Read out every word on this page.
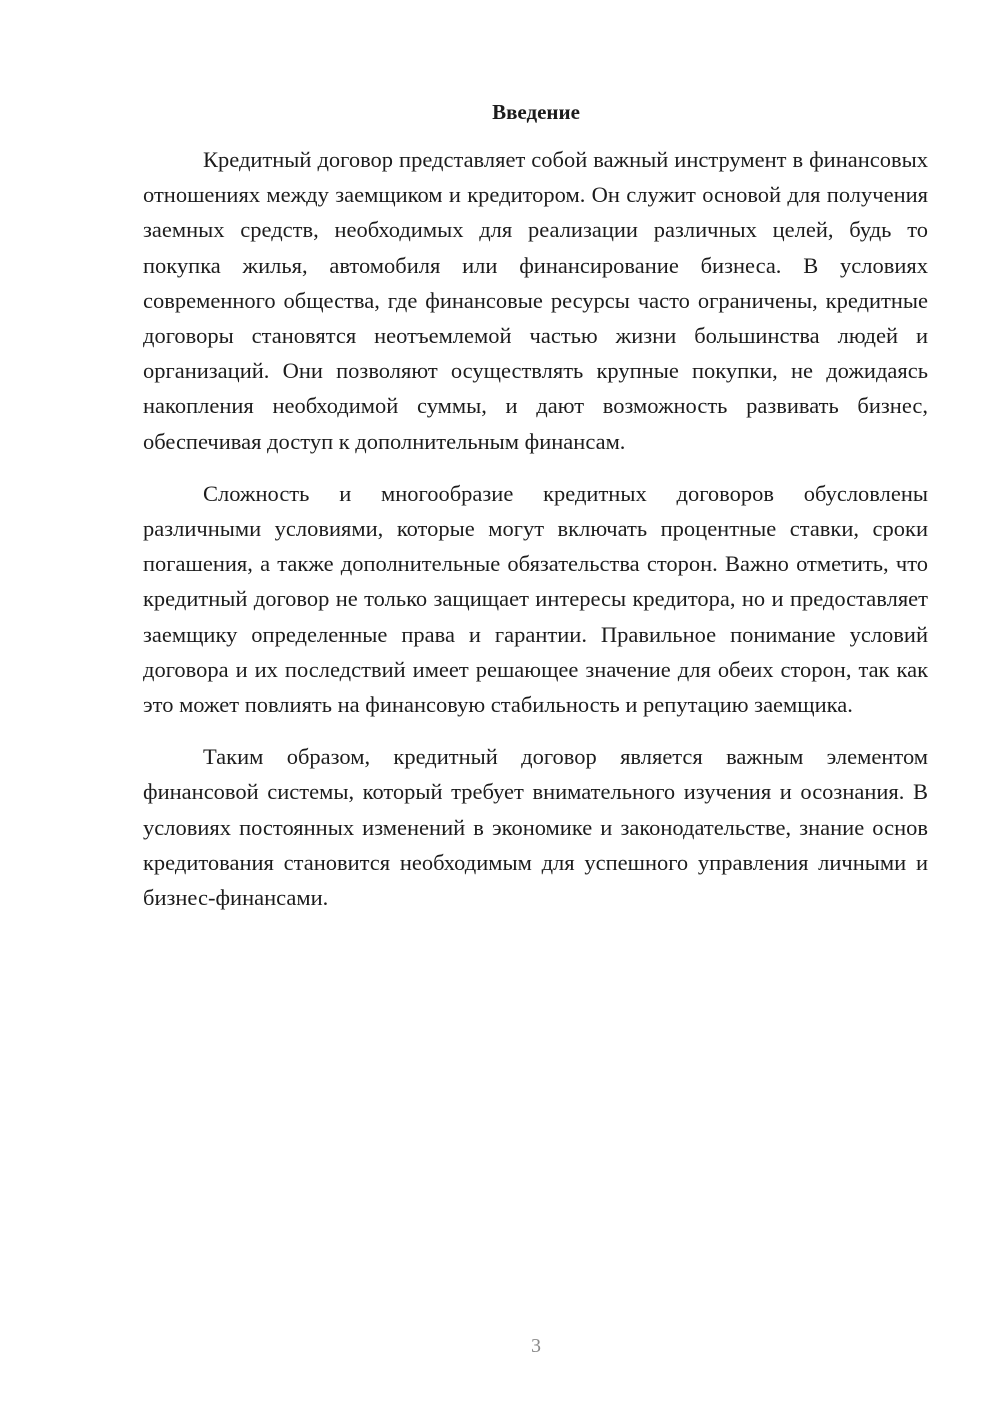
Введение

Кредитный договор представляет собой важный инструмент в финансовых отношениях между заемщиком и кредитором. Он служит основой для получения заемных средств, необходимых для реализации различных целей, будь то покупка жилья, автомобиля или финансирование бизнеса. В условиях современного общества, где финансовые ресурсы часто ограничены, кредитные договоры становятся неотъемлемой частью жизни большинства людей и организаций. Они позволяют осуществлять крупные покупки, не дожидаясь накопления необходимой суммы, и дают возможность развивать бизнес, обеспечивая доступ к дополнительным финансам.

Сложность и многообразие кредитных договоров обусловлены различными условиями, которые могут включать процентные ставки, сроки погашения, а также дополнительные обязательства сторон. Важно отметить, что кредитный договор не только защищает интересы кредитора, но и предоставляет заемщику определенные права и гарантии. Правильное понимание условий договора и их последствий имеет решающее значение для обеих сторон, так как это может повлиять на финансовую стабильность и репутацию заемщика.

Таким образом, кредитный договор является важным элементом финансовой системы, который требует внимательного изучения и осознания. В условиях постоянных изменений в экономике и законодательстве, знание основ кредитования становится необходимым для успешного управления личными и бизнес-финансами.

3
